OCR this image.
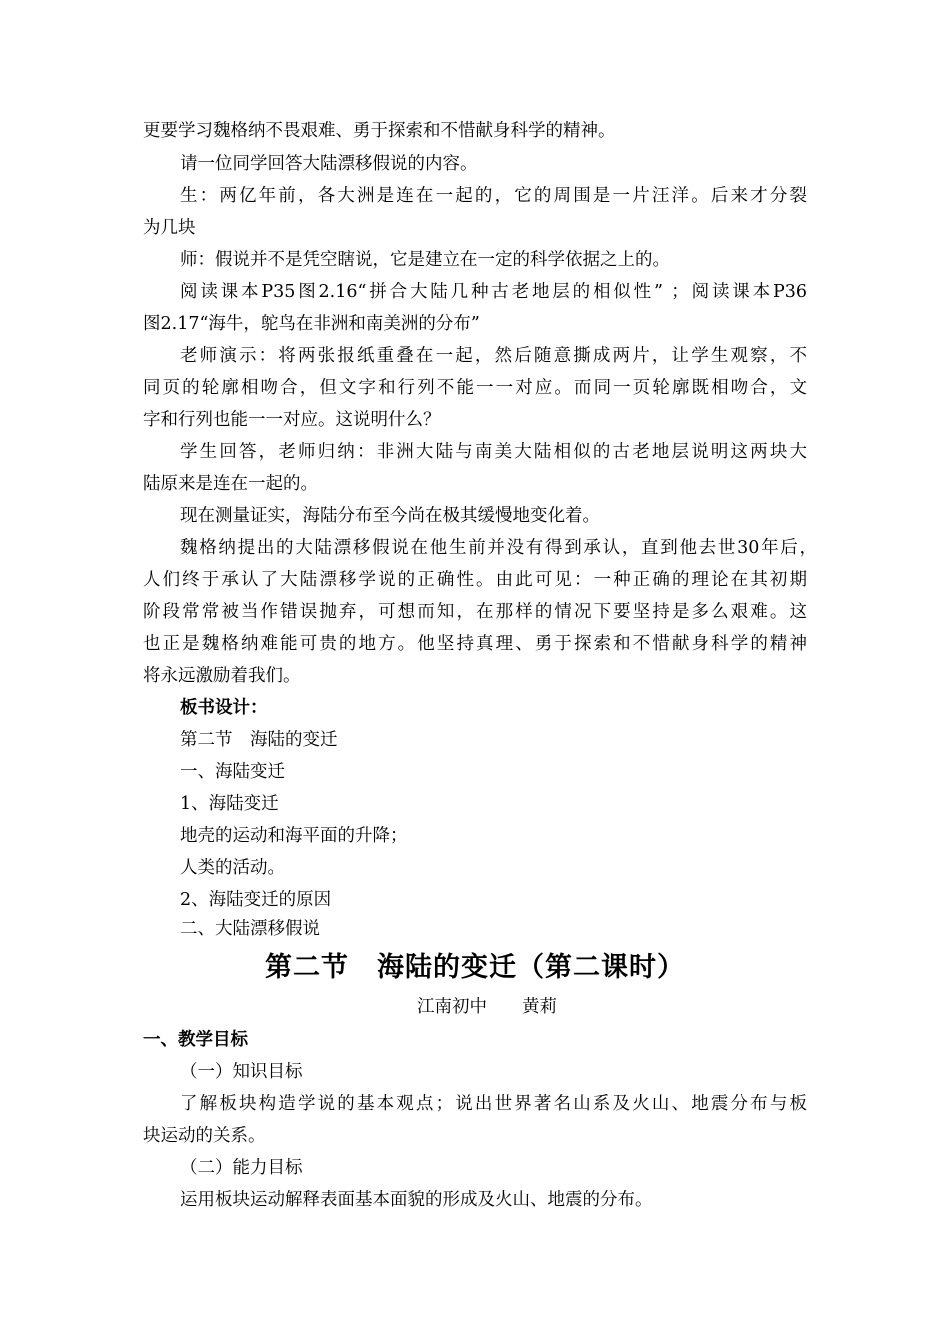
更要学习魏格纳不畏艰难、勇于探索和不惜献身科学的精神。
请一位同学回答大陆漂移假说的内容。
生：两亿年前，各大洲是连在一起的，它的周围是一片汪洋。后来才分裂
为几块
师：假说并不是凭空瞎说，它是建立在一定的科学依据之上的。
阅读课本P35图2.16“拼合大陆几种古老地层的相似性” ；阅读课本P36
图2.17“海牛，鸵鸟在非洲和南美洲的分布”
老师演示：将两张报纸重叠在一起，然后随意撕成两片，让学生观察，不
同页的轮廓相吻合，但文字和行列不能一一对应。而同一页轮廓既相吻合，文
字和行列也能一一对应。这说明什么？
学生回答，老师归纳：非洲大陆与南美大陆相似的古老地层说明这两块大
陆原来是连在一起的。
现在测量证实，海陆分布至今尚在极其缓慢地变化着。
魏格纳提出的大陆漂移假说在他生前并没有得到承认，直到他去世30年后，
人们终于承认了大陆漂移学说的正确性。由此可见：一种正确的理论在其初期
阶段常常被当作错误抛弃，可想而知，在那样的情况下要坚持是多么艰难。这
也正是魏格纳难能可贵的地方。他坚持真理、勇于探索和不惜献身科学的精神
将永远激励着我们。
板书设计：
第二节　海陆的变迁
一、海陆变迁
1、海陆变迁
地壳的运动和海平面的升降；
人类的活动。
2、海陆变迁的原因
二、大陆漂移假说
第二节　海陆的变迁（第二课时）
江南初中　　黄莉
一、教学目标
（一）知识目标
了解板块构造学说的基本观点；说出世界著名山系及火山、地震分布与板
块运动的关系。
（二）能力目标
运用板块运动解释表面基本面貌的形成及火山、地震的分布。
